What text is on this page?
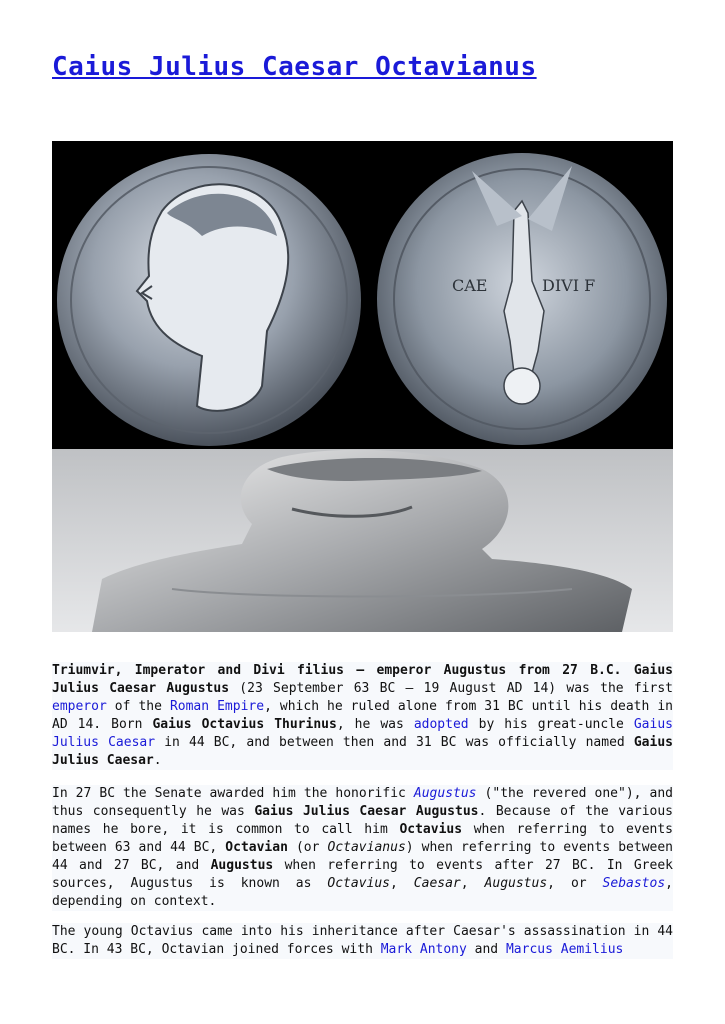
Caius Julius Caesar Octavianus
CAE	DIVI F

Triumvir, Imperator and Divi filius – emperor Augustus from 27 B.C. Gaius Julius Caesar Augustus (23 September 63 BC – 19 August AD 14) was the first emperor of the Roman Empire, which he ruled alone from 31 BC until his death in AD 14. Born Gaius Octavius Thurinus, he was adopted by his great-uncle Gaius Julius Caesar in 44 BC, and between then and 31 BC was officially named Gaius Julius Caesar.

In 27 BC the Senate awarded him the honorific Augustus ("the revered one"), and thus consequently he was Gaius Julius Caesar Augustus. Because of the various names he bore, it is common to call him Octavius when referring to events between 63 and 44 BC, Octavian (or Octavianus) when referring to events between 44 and 27 BC, and Augustus when referring to events after 27 BC. In Greek sources, Augustus is known as Octavius, Caesar, Augustus, or Sebastos, depending on context.

The young Octavius came into his inheritance after Caesar's assassination in 44 BC. In 43 BC, Octavian joined forces with Mark Antony and Marcus Aemilius
